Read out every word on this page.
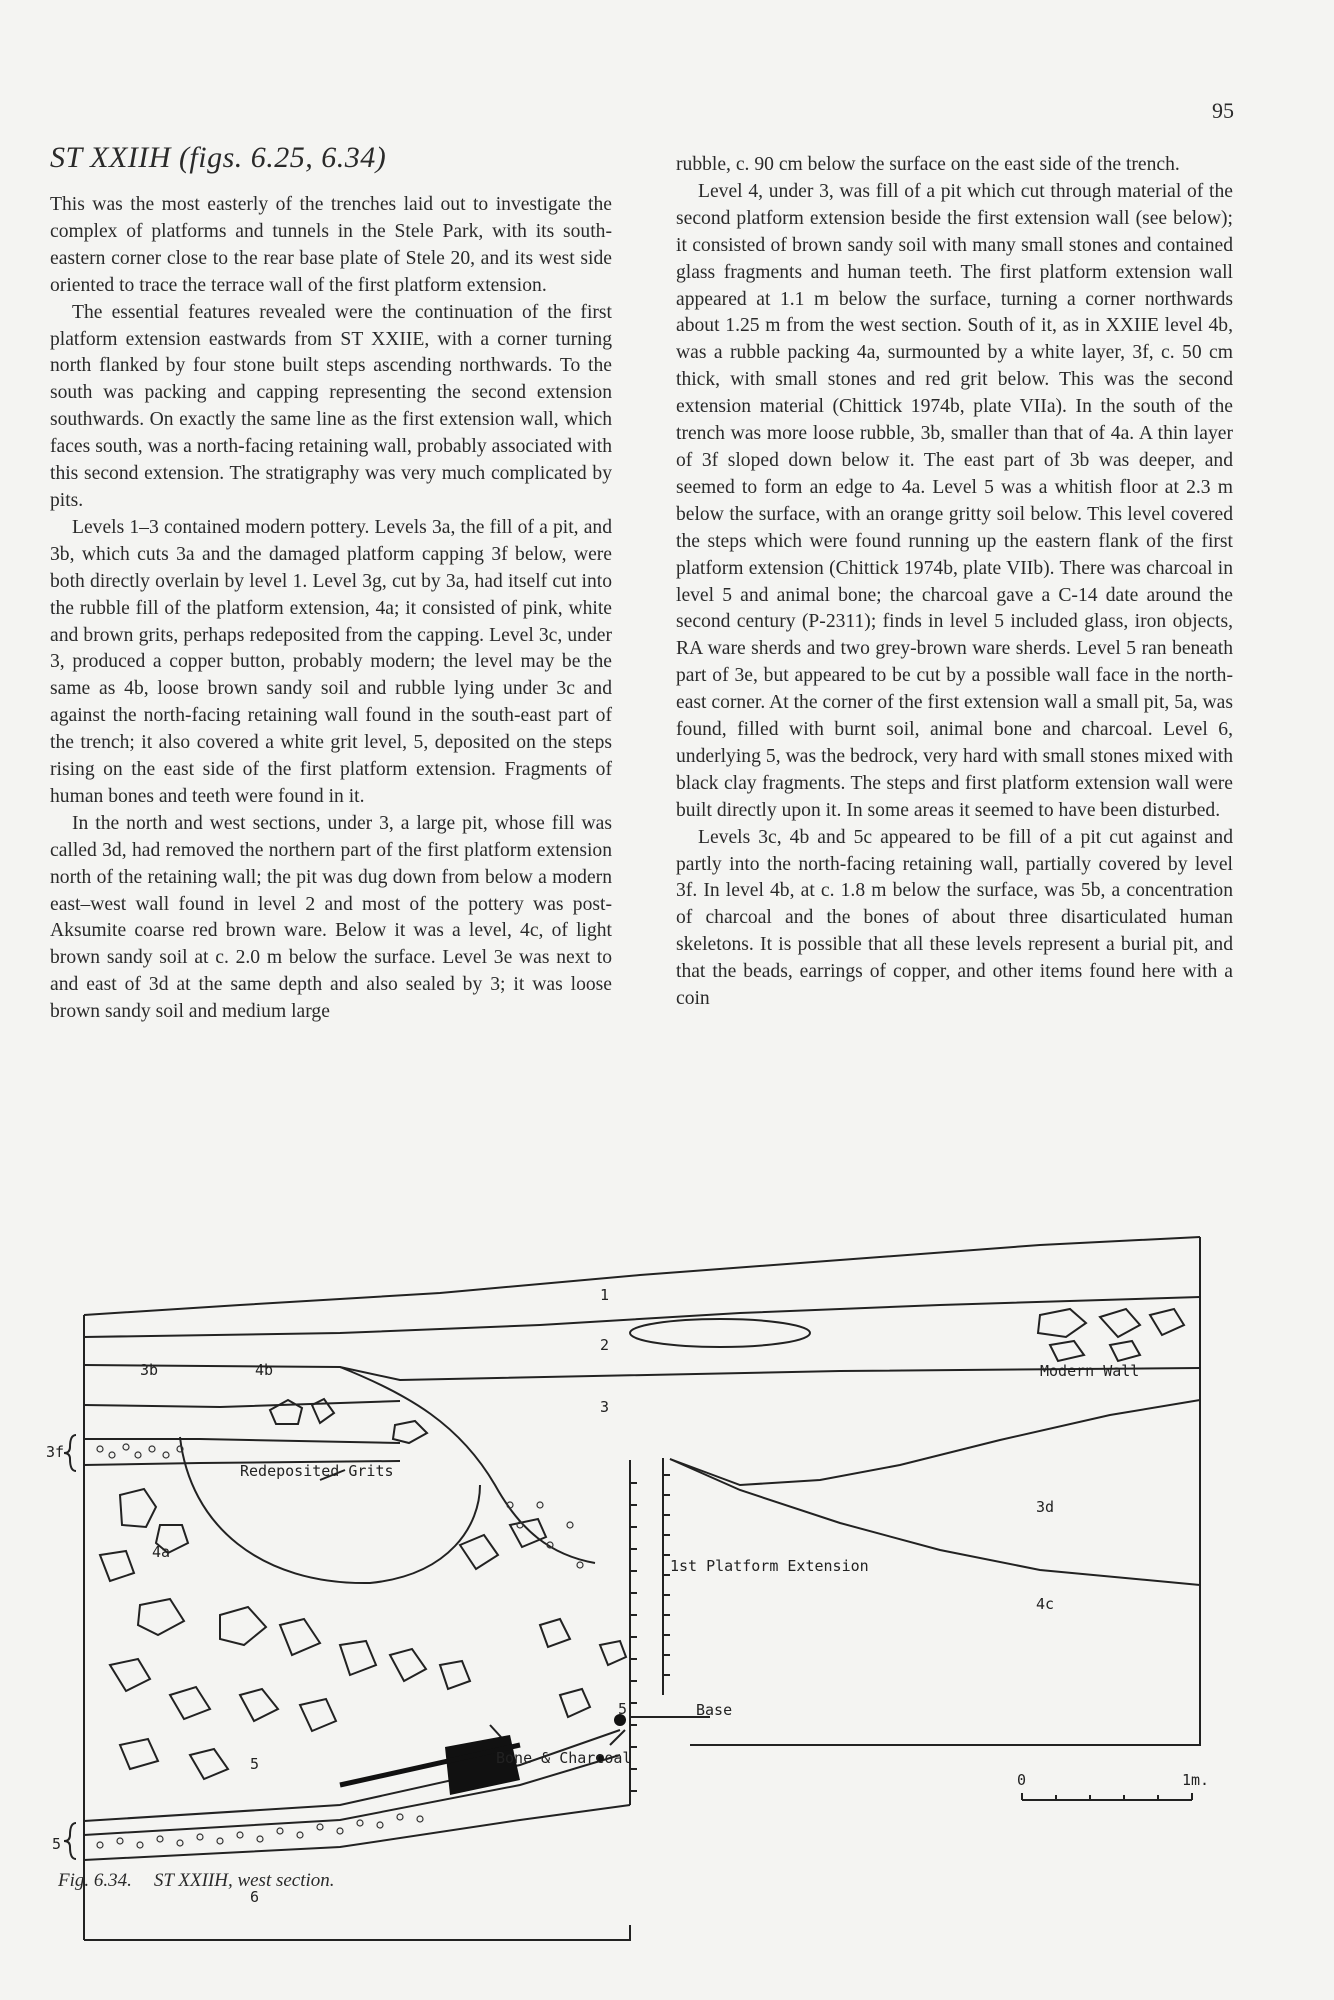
95
ST XXIIH (figs. 6.25, 6.34)

This was the most easterly of the trenches laid out to investigate the complex of platforms and tunnels in the Stele Park, with its south-eastern corner close to the rear base plate of Stele 20, and its west side oriented to trace the terrace wall of the first platform extension.

The essential features revealed were the continuation of the first platform extension eastwards from ST XXIIE, with a corner turning north flanked by four stone built steps ascending northwards. To the south was packing and capping representing the second extension southwards. On exactly the same line as the first extension wall, which faces south, was a north-facing retaining wall, probably associated with this second extension. The stratigraphy was very much complicated by pits.

Levels 1–3 contained modern pottery. Levels 3a, the fill of a pit, and 3b, which cuts 3a and the damaged platform capping 3f below, were both directly overlain by level 1. Level 3g, cut by 3a, had itself cut into the rubble fill of the platform extension, 4a; it consisted of pink, white and brown grits, perhaps redeposited from the capping. Level 3c, under 3, produced a copper button, probably modern; the level may be the same as 4b, loose brown sandy soil and rubble lying under 3c and against the north-facing retaining wall found in the south-east part of the trench; it also covered a white grit level, 5, deposited on the steps rising on the east side of the first platform extension. Fragments of human bones and teeth were found in it.

In the north and west sections, under 3, a large pit, whose fill was called 3d, had removed the northern part of the first platform extension north of the retaining wall; the pit was dug down from below a modern east–west wall found in level 2 and most of the pottery was post-Aksumite coarse red brown ware. Below it was a level, 4c, of light brown sandy soil at c. 2.0 m below the surface. Level 3e was next to and east of 3d at the same depth and also sealed by 3; it was loose brown sandy soil and medium large

rubble, c. 90 cm below the surface on the east side of the trench.

Level 4, under 3, was fill of a pit which cut through material of the second platform extension beside the first extension wall (see below); it consisted of brown sandy soil with many small stones and contained glass fragments and human teeth. The first platform extension wall appeared at 1.1 m below the surface, turning a corner northwards about 1.25 m from the west section. South of it, as in XXIIE level 4b, was a rubble packing 4a, surmounted by a white layer, 3f, c. 50 cm thick, with small stones and red grit below. This was the second extension material (Chittick 1974b, plate VIIa). In the south of the trench was more loose rubble, 3b, smaller than that of 4a. A thin layer of 3f sloped down below it. The east part of 3b was deeper, and seemed to form an edge to 4a. Level 5 was a whitish floor at 2.3 m below the surface, with an orange gritty soil below. This level covered the steps which were found running up the eastern flank of the first platform extension (Chittick 1974b, plate VIIb). There was charcoal in level 5 and animal bone; the charcoal gave a C-14 date around the second century (P-2311); finds in level 5 included glass, iron objects, RA ware sherds and two grey-brown ware sherds. Level 5 ran beneath part of 3e, but appeared to be cut by a possible wall face in the north-east corner. At the corner of the first extension wall a small pit, 5a, was found, filled with burnt soil, animal bone and charcoal. Level 6, underlying 5, was the bedrock, very hard with small stones mixed with black clay fragments. The steps and first platform extension wall were built directly upon it. In some areas it seemed to have been disturbed.

Levels 3c, 4b and 5c appeared to be fill of a pit cut against and partly into the north-facing retaining wall, partially covered by level 3f. In level 4b, at c. 1.8 m below the surface, was 5b, a concentration of charcoal and the bones of about three disarticulated human skeletons. It is possible that all these levels represent a burial pit, and that the beads, earrings of copper, and other items found here with a coin

1
2
3
3b	4b
3f
Redeposited Grits
4a
3d
4c
Modern Wall
1st Platform Extension
Base
5
5
5
Bone & Charcoal
6
0	1m.
Fig. 6.34. ST XXIIH, west section.
